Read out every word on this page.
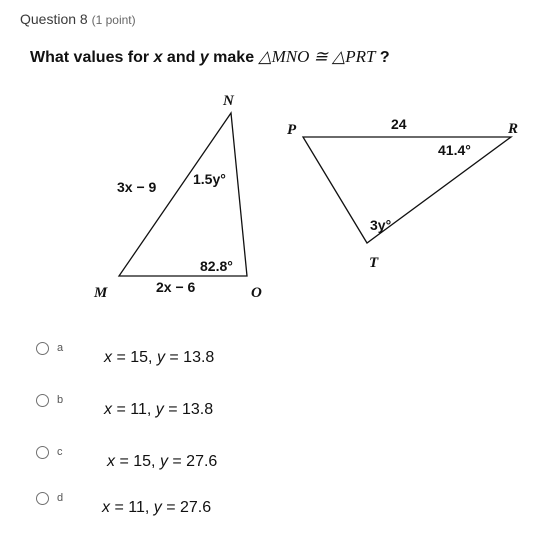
Question 8 (1 point)
What values for x and y make △MNO ≅ △PRT ?
N
M	O
3x − 9	1.5y°
82.8°
2x − 6
P	R
T
24
41.4°
3y°
a
x = 15, y = 13.8
b
x = 11, y = 13.8
c
x = 15, y = 27.6
d
x = 11, y = 27.6
